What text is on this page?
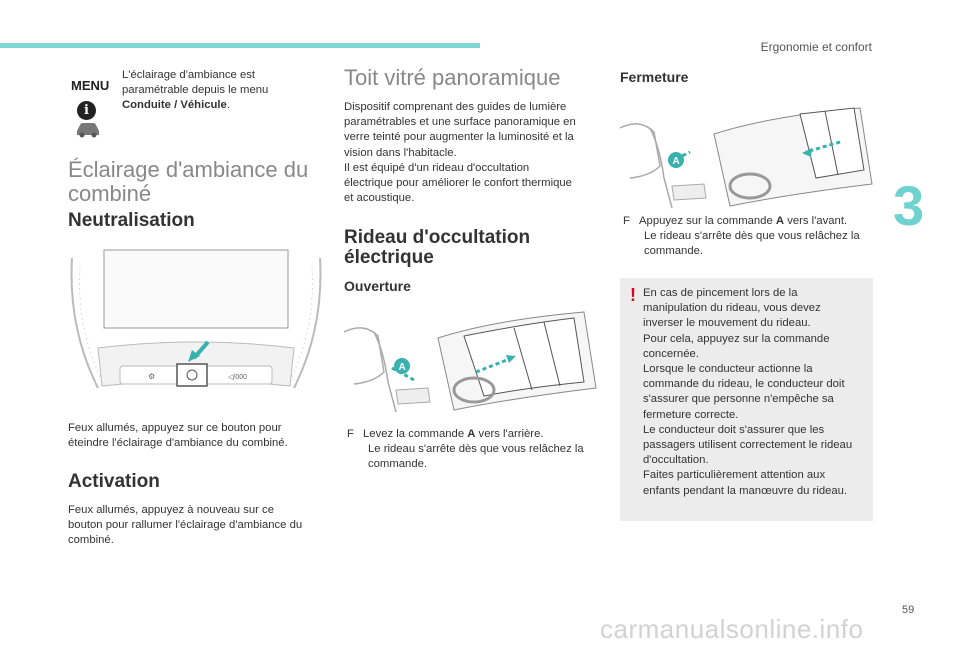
Ergonomie et confort
3
59
carmanualsonline.info
MENU
L'éclairage d'ambiance est
paramétrable depuis le menu
Conduite / Véhicule.
i
Éclairage d'ambiance du
combiné
Neutralisation
⚙	◁/000
Feux allumés, appuyez sur ce bouton pour
éteindre l'éclairage d'ambiance du combiné.
Activation
Feux allumés, appuyez à nouveau sur ce
bouton pour rallumer l'éclairage d'ambiance du
combiné.
Toit vitré panoramique
Dispositif comprenant des guides de lumière
paramétrables et une surface panoramique en
verre teinté pour augmenter la luminosité et la
vision dans l'habitacle.
Il est équipé d'un rideau d'occultation
électrique pour améliorer le confort thermique
et acoustique.
Rideau d'occultation
électrique
Ouverture
A
F Levez la commande A vers l'arrière.
Le rideau s'arrête dès que vous relâchez la
commande.
Fermeture
A
F Appuyez sur la commande A vers l'avant.
Le rideau s'arrête dès que vous relâchez la
commande.
! En cas de pincement lors de la
manipulation du rideau, vous devez
inverser le mouvement du rideau.
Pour cela, appuyez sur la commande
concernée.
Lorsque le conducteur actionne la
commande du rideau, le conducteur doit
s'assurer que personne n'empêche sa
fermeture correcte.
Le conducteur doit s'assurer que les
passagers utilisent correctement le rideau
d'occultation.
Faites particulièrement attention aux
enfants pendant la manœuvre du rideau.
